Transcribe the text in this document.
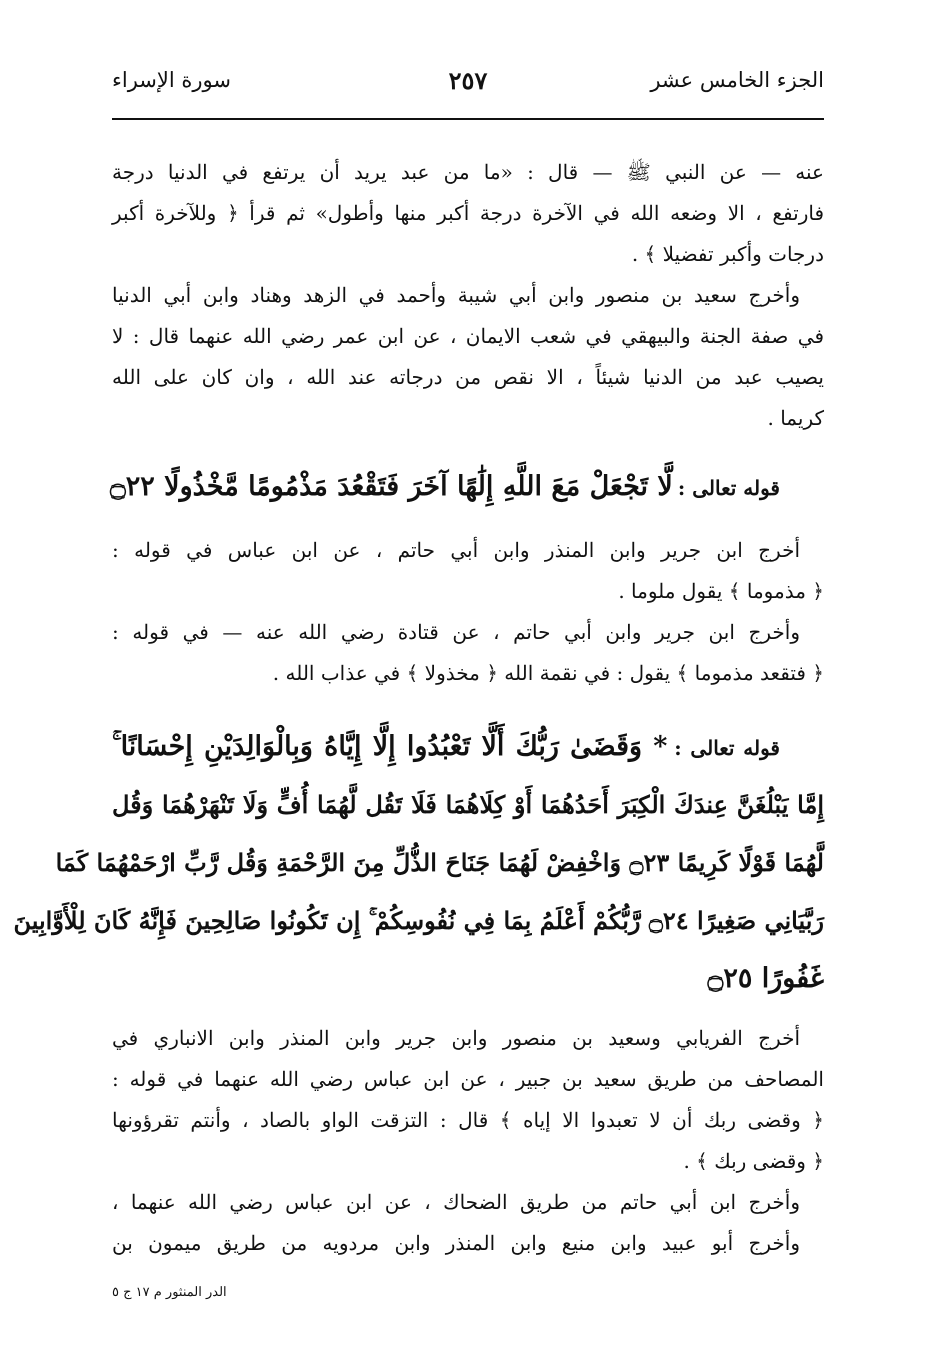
الجزء الخامس عشر
٢٥٧
سورة الإسراء
عنه — عن النبي ﷺ — قال : «ما من عبد يريد أن يرتفع في الدنيا درجة
فارتفع ، الا وضعه الله في الآخرة درجة أكبر منها وأطول» ثم قرأ ﴿ وللآخرة أكبر
درجات وأكبر تفضيلا ﴾ .
وأخرج سعيد بن منصور وابن أبي شيبة وأحمد في الزهد وهناد وابن أبي الدنيا
في صفة الجنة والبيهقي في شعب الايمان ، عن ابن عمر رضي الله عنهما قال : لا
يصيب عبد من الدنيا شيئاً ، الا نقص من درجاته عند الله ، وان كان على الله
كريما .
قوله تعالى : لَّا تَجْعَلْ مَعَ اللَّهِ إِلَٰهًا آخَرَ فَتَقْعُدَ مَذْمُومًا مَّخْذُولًا ۝٢٢
أخرج ابن جرير وابن المنذر وابن أبي حاتم ، عن ابن عباس في قوله :
﴿ مذموما ﴾ يقول ملوما .
وأخرج ابن جرير وابن أبي حاتم ، عن قتادة رضي الله عنه — في قوله :
﴿ فتقعد مذموما ﴾ يقول : في نقمة الله ﴿ مخذولا ﴾ في عذاب الله .
قوله تعالى : * وَقَضَىٰ رَبُّكَ أَلَّا تَعْبُدُوا إِلَّا إِيَّاهُ وَبِالْوَالِدَيْنِ إِحْسَانًا ۚ
إِمَّا يَبْلُغَنَّ عِندَكَ الْكِبَرَ أَحَدُهُمَا أَوْ كِلَاهُمَا فَلَا تَقُل لَّهُمَا أُفٍّ وَلَا تَنْهَرْهُمَا وَقُل
لَّهُمَا قَوْلًا كَرِيمًا ۝٢٣ وَاخْفِضْ لَهُمَا جَنَاحَ الذُّلِّ مِنَ الرَّحْمَةِ وَقُل رَّبِّ ارْحَمْهُمَا كَمَا
رَبَّيَانِي صَغِيرًا ۝٢٤ رَّبُّكُمْ أَعْلَمُ بِمَا فِي نُفُوسِكُمْ ۚ إِن تَكُونُوا صَالِحِينَ فَإِنَّهُ كَانَ لِلْأَوَّابِينَ
غَفُورًا ۝٢٥
أخرج الفريابي وسعيد بن منصور وابن جرير وابن المنذر وابن الانباري في
المصاحف من طريق سعيد بن جبير ، عن ابن عباس رضي الله عنهما في قوله :
﴿ وقضى ربك أن لا تعبدوا الا إياه ﴾ قال : التزقت الواو بالصاد ، وأنتم تقرؤونها
﴿ وقضى ربك ﴾ .
وأخرج ابن أبي حاتم من طريق الضحاك ، عن ابن عباس رضي الله عنهما ،
وأخرج أبو عبيد وابن منيع وابن المنذر وابن مردويه من طريق ميمون بن
الدر المنثور م ١٧ ج ٥
